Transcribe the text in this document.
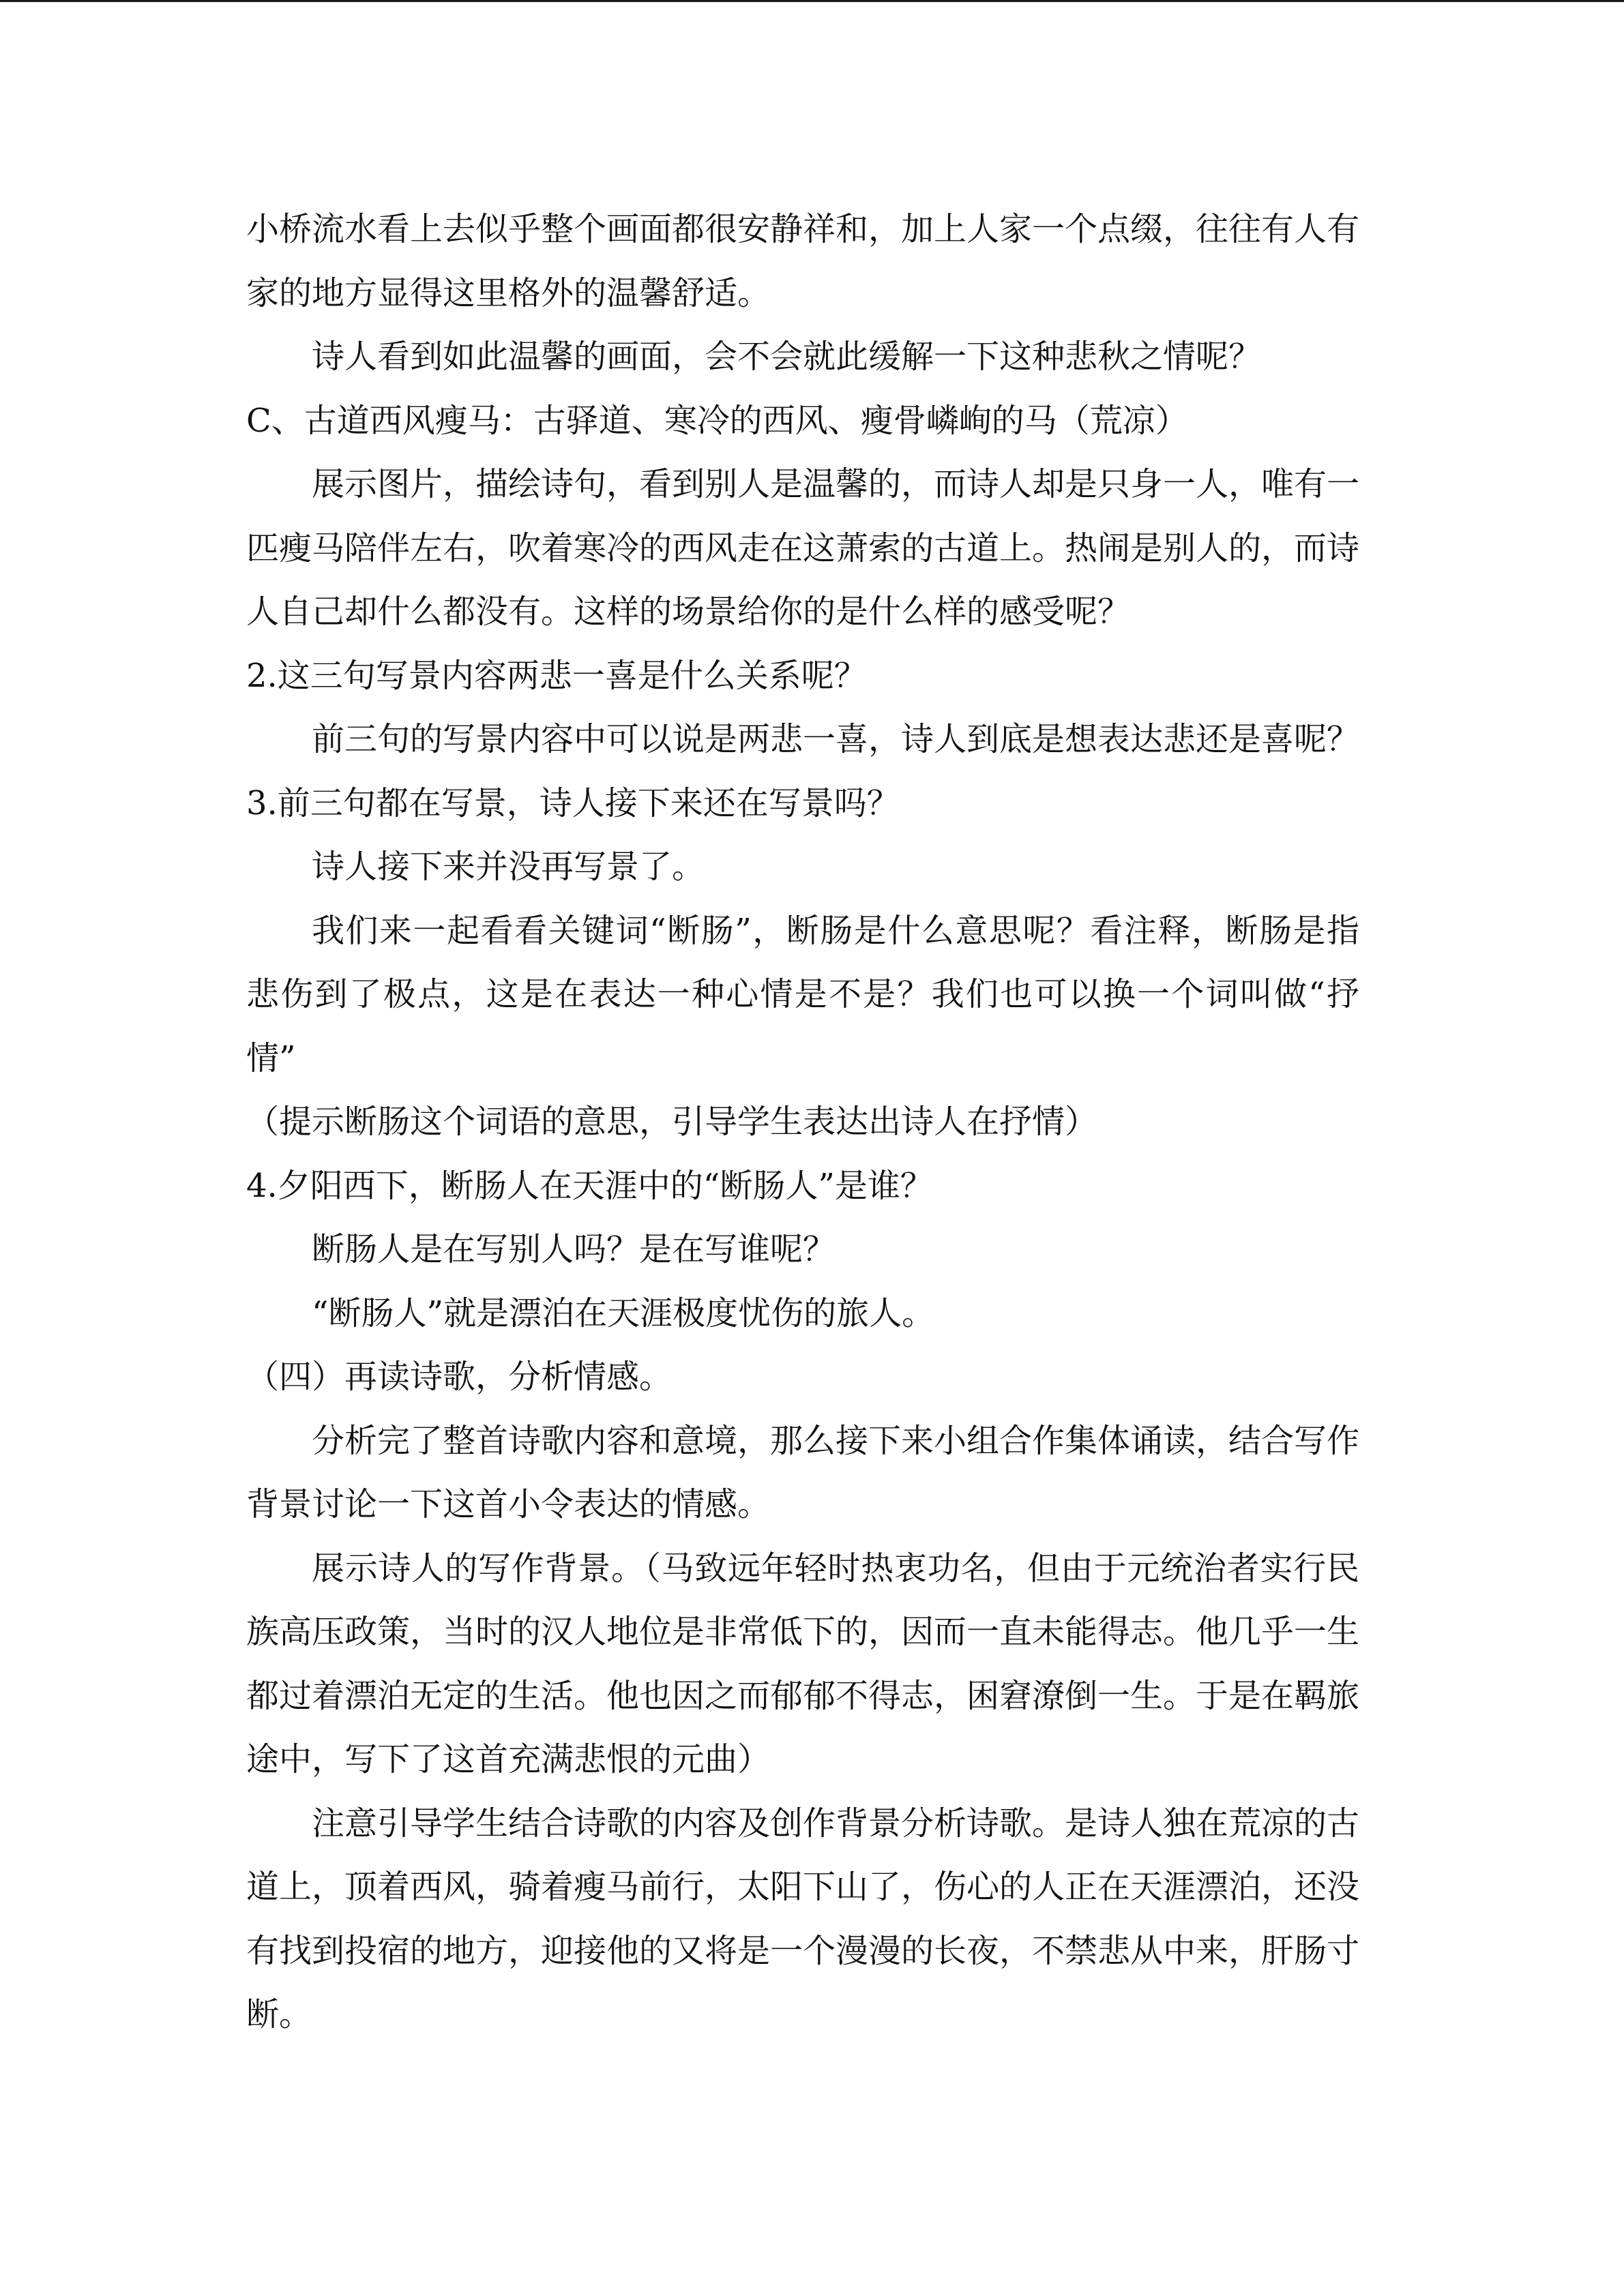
小桥流水看上去似乎整个画面都很安静祥和，加上人家一个点缀，往往有人有
家的地方显得这里格外的温馨舒适。
诗人看到如此温馨的画面，会不会就此缓解一下这种悲秋之情呢？
C、古道西风瘦马：古驿道、寒冷的西风、瘦骨嶙峋的马（荒凉）
展示图片，描绘诗句，看到别人是温馨的，而诗人却是只身一人，唯有一
匹瘦马陪伴左右，吹着寒冷的西风走在这萧索的古道上。热闹是别人的，而诗
人自己却什么都没有。这样的场景给你的是什么样的感受呢？
2.这三句写景内容两悲一喜是什么关系呢？
前三句的写景内容中可以说是两悲一喜，诗人到底是想表达悲还是喜呢？
3.前三句都在写景，诗人接下来还在写景吗？
诗人接下来并没再写景了。
我们来一起看看关键词“断肠”，断肠是什么意思呢？看注释，断肠是指
悲伤到了极点，这是在表达一种心情是不是？我们也可以换一个词叫做“抒
情”
（提示断肠这个词语的意思，引导学生表达出诗人在抒情）
4.夕阳西下，断肠人在天涯中的“断肠人”是谁？
断肠人是在写别人吗？是在写谁呢？
“断肠人”就是漂泊在天涯极度忧伤的旅人。
（四）再读诗歌，分析情感。
分析完了整首诗歌内容和意境，那么接下来小组合作集体诵读，结合写作
背景讨论一下这首小令表达的情感。
展示诗人的写作背景。（马致远年轻时热衷功名，但由于元统治者实行民
族高压政策，当时的汉人地位是非常低下的，因而一直未能得志。他几乎一生
都过着漂泊无定的生活。他也因之而郁郁不得志，困窘潦倒一生。于是在羁旅
途中，写下了这首充满悲恨的元曲）
注意引导学生结合诗歌的内容及创作背景分析诗歌。是诗人独在荒凉的古
道上，顶着西风，骑着瘦马前行，太阳下山了，伤心的人正在天涯漂泊，还没
有找到投宿的地方，迎接他的又将是一个漫漫的长夜，不禁悲从中来，肝肠寸
断。
